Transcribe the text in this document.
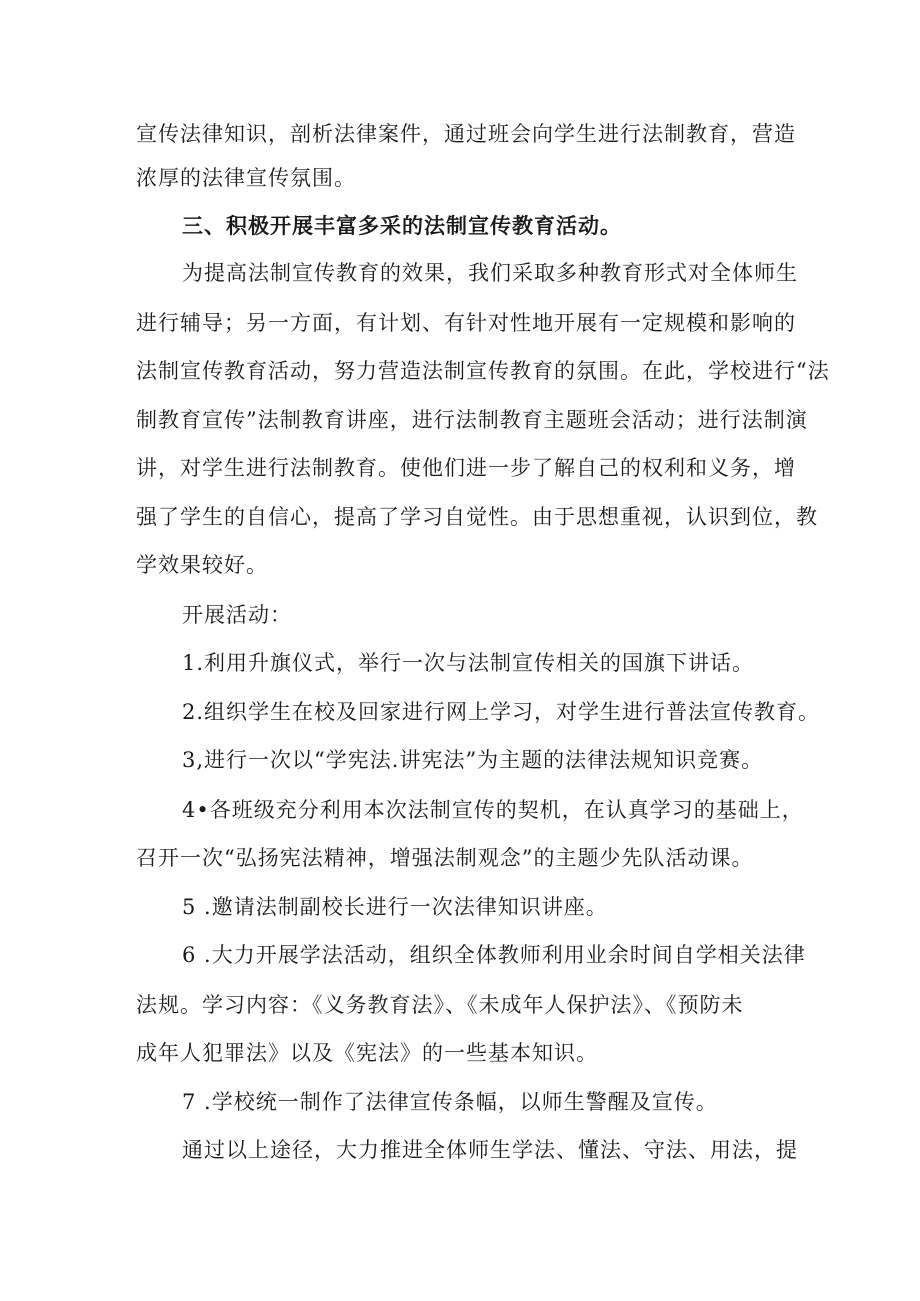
宣传法律知识，剖析法律案件，通过班会向学生进行法制教育，营造
浓厚的法律宣传氛围。
三、积极开展丰富多采的法制宣传教育活动。
为提高法制宣传教育的效果，我们采取多种教育形式对全体师生
进行辅导；另一方面，有计划、有针对性地开展有一定规模和影响的
法制宣传教育活动，努力营造法制宣传教育的氛围。在此，学校进行“法
制教育宣传”法制教育讲座，进行法制教育主题班会活动；进行法制演
讲，对学生进行法制教育。使他们进一步了解自己的权利和义务，增
强了学生的自信心，提高了学习自觉性。由于思想重视，认识到位，教
学效果较好。
开展活动：
1.利用升旗仪式，举行一次与法制宣传相关的国旗下讲话。
2.组织学生在校及回家进行网上学习，对学生进行普法宣传教育。
3,进行一次以“学宪法.讲宪法”为主题的法律法规知识竞赛。
4•各班级充分利用本次法制宣传的契机，在认真学习的基础上，
召开一次“弘扬宪法精神，增强法制观念”的主题少先队活动课。
5 .邀请法制副校长进行一次法律知识讲座。
6 .大力开展学法活动，组织全体教师利用业余时间自学相关法律
法规。学习内容：《义务教育法》、《未成年人保护法》、《预防未
成年人犯罪法》以及《宪法》的一些基本知识。
7 .学校统一制作了法律宣传条幅，以师生警醒及宣传。
通过以上途径，大力推进全体师生学法、懂法、守法、用法，提
